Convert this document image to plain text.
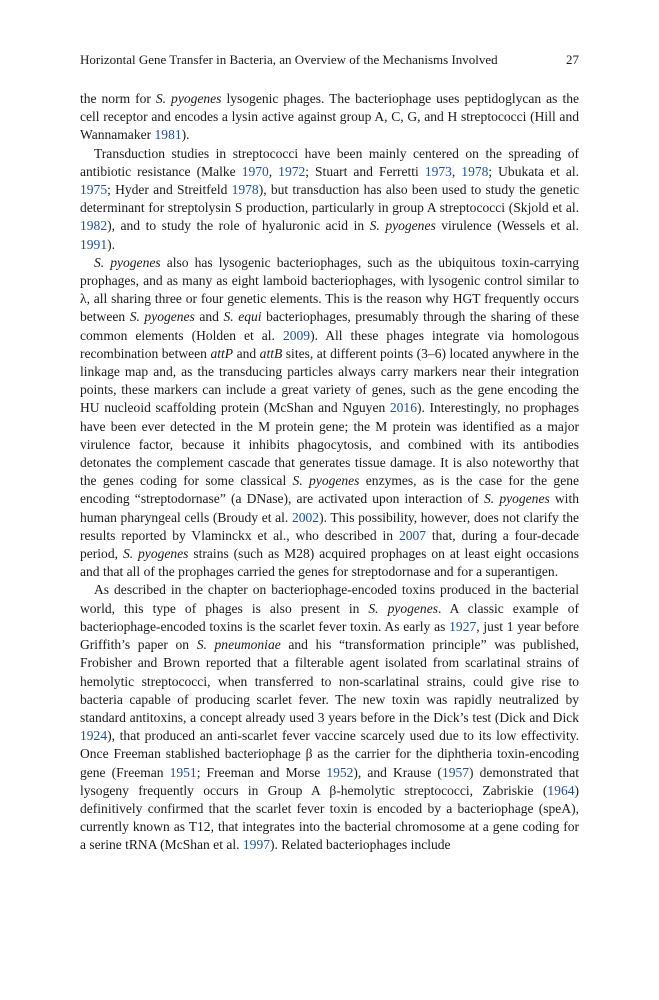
Horizontal Gene Transfer in Bacteria, an Overview of the Mechanisms Involved	27

the norm for S. pyogenes lysogenic phages. The bacteriophage uses peptidoglycan as the cell receptor and encodes a lysin active against group A, C, G, and H streptococci (Hill and Wannamaker 1981).

Transduction studies in streptococci have been mainly centered on the spreading of antibiotic resistance (Malke 1970, 1972; Stuart and Ferretti 1973, 1978; Ubukata et al. 1975; Hyder and Streitfeld 1978), but transduction has also been used to study the genetic determinant for streptolysin S production, particularly in group A streptococci (Skjold et al. 1982), and to study the role of hyaluronic acid in S. pyogenes virulence (Wessels et al. 1991).

S. pyogenes also has lysogenic bacteriophages, such as the ubiquitous toxin-carrying prophages, and as many as eight lamboid bacteriophages, with lysogenic control similar to λ, all sharing three or four genetic elements. This is the reason why HGT frequently occurs between S. pyogenes and S. equi bacteriophages, presumably through the sharing of these common elements (Holden et al. 2009). All these phages integrate via homologous recombination between attP and attB sites, at different points (3–6) located anywhere in the linkage map and, as the transducing particles always carry markers near their integration points, these markers can include a great variety of genes, such as the gene encoding the HU nucleoid scaffolding protein (McShan and Nguyen 2016). Interestingly, no prophages have been ever detected in the M protein gene; the M protein was identified as a major virulence factor, because it inhibits phagocytosis, and combined with its antibodies detonates the complement cascade that generates tissue damage. It is also noteworthy that the genes coding for some classical S. pyogenes enzymes, as is the case for the gene encoding “streptodornase” (a DNase), are activated upon interaction of S. pyogenes with human pharyngeal cells (Broudy et al. 2002). This possibility, however, does not clarify the results reported by Vlaminckx et al., who described in 2007 that, during a four-decade period, S. pyogenes strains (such as M28) acquired prophages on at least eight occasions and that all of the prophages carried the genes for streptodornase and for a superantigen.

As described in the chapter on bacteriophage-encoded toxins produced in the bacterial world, this type of phages is also present in S. pyogenes. A classic example of bacteriophage-encoded toxins is the scarlet fever toxin. As early as 1927, just 1 year before Griffith’s paper on S. pneumoniae and his “transformation principle” was published, Frobisher and Brown reported that a filterable agent isolated from scarlatinal strains of hemolytic streptococci, when transferred to non-scarlatinal strains, could give rise to bacteria capable of producing scarlet fever. The new toxin was rapidly neutralized by standard antitoxins, a concept already used 3 years before in the Dick’s test (Dick and Dick 1924), that produced an anti-scarlet fever vaccine scarcely used due to its low effectivity. Once Freeman stablished bacteriophage β as the carrier for the diphtheria toxin-encoding gene (Freeman 1951; Freeman and Morse 1952), and Krause (1957) demonstrated that lysogeny frequently occurs in Group A β-hemolytic streptococci, Zabriskie (1964) definitively confirmed that the scarlet fever toxin is encoded by a bacteriophage (speA), currently known as T12, that integrates into the bacterial chromosome at a gene coding for a serine tRNA (McShan et al. 1997). Related bacteriophages include
